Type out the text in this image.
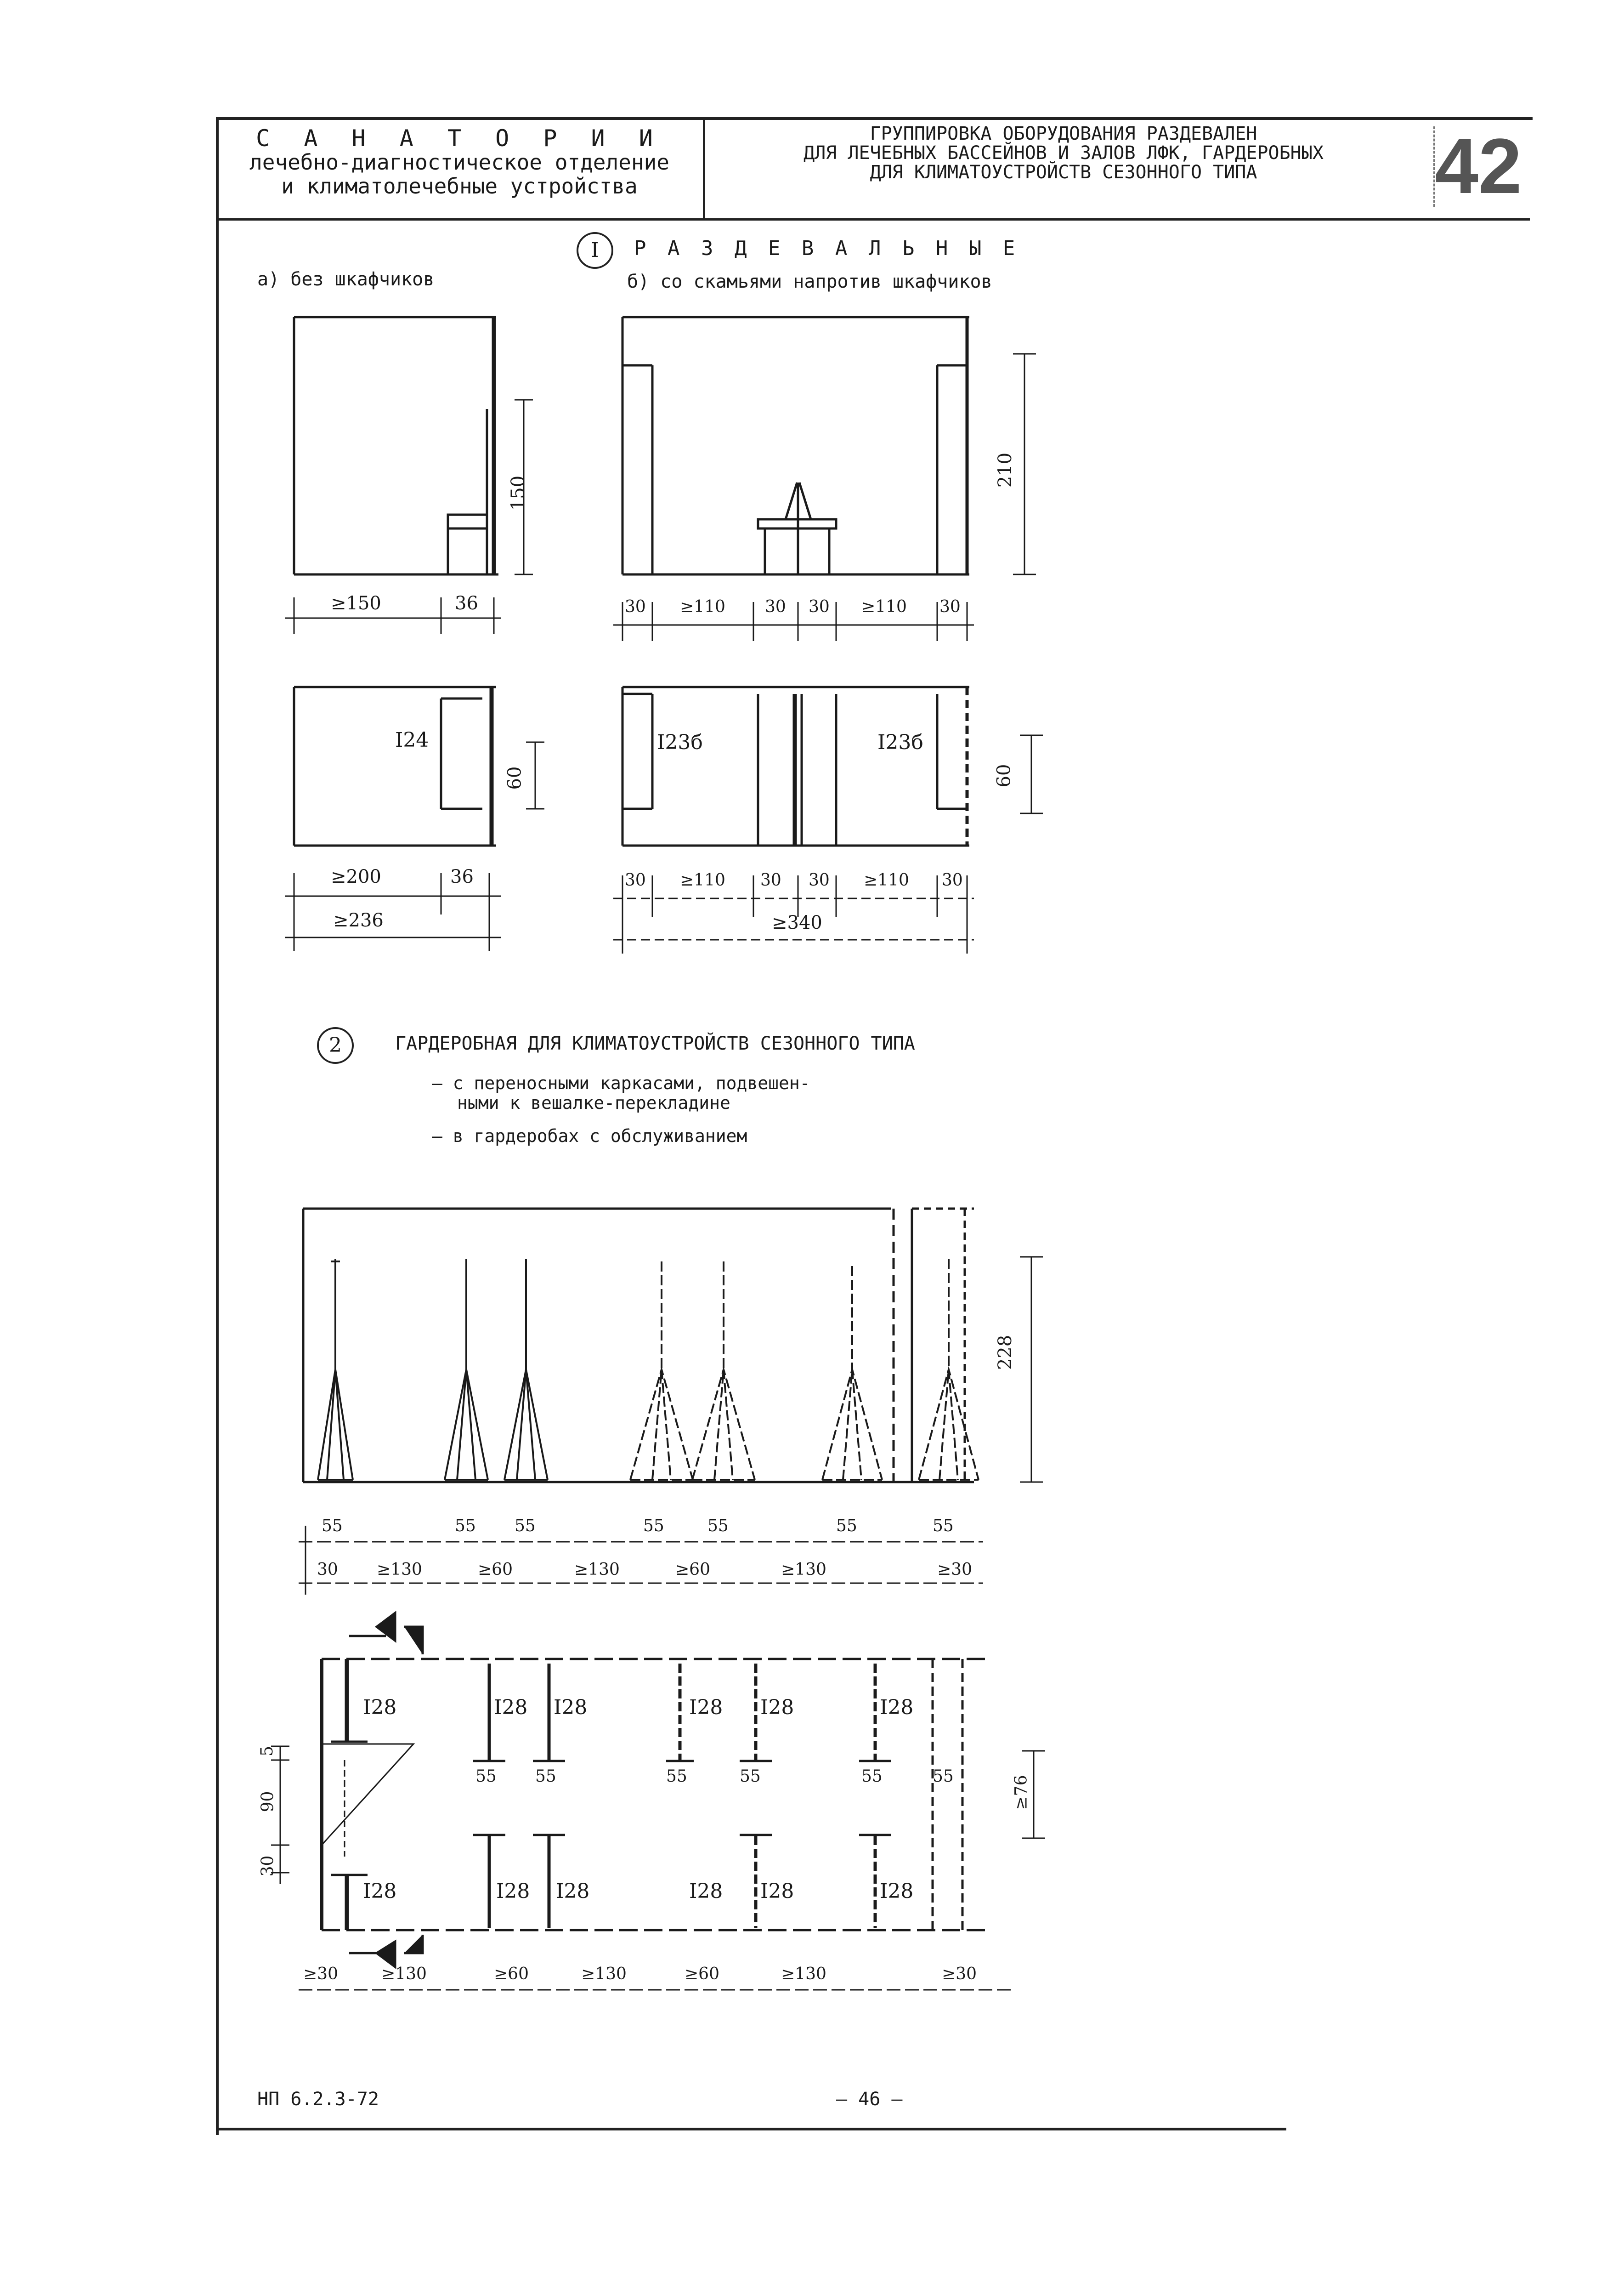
С А Н А Т О Р И И
лечебно-диагностическое отделение
и климатолечебные устройства
ГРУППИРОВКА ОБОРУДОВАНИЯ РАЗДЕВАЛЕН
ДЛЯ ЛЕЧЕБНЫХ БАССЕЙНОВ И ЗАЛОВ ЛФК, ГАРДЕРОБНЫХ
ДЛЯ КЛИМАТОУСТРОЙСТВ СЕЗОННОГО ТИПА	42
I	Р А З Д Е В А Л Ь Н Ы Е
а) без шкафчиков	б) со скамьями напротив шкафчиков
2	ГАРДЕРОБНАЯ ДЛЯ КЛИМАТОУСТРОЙСТВ СЕЗОННОГО ТИПА
– с переносными каркасами, подвешен-
ными к вешалке-перекладине
– в гардеробах с обслуживанием
≥150	36
150
I24
60
≥200	36
≥236
210
30 ≥110 30 30 ≥110 30
I23б	I23б
60
30 ≥110 30 30 ≥110 30
≥340
228
55	55 55	55	55	55	55
30 ≥130	≥60	≥130	≥60	≥130	≥30
I28	I28 I28	I28 I28	I28
I28	I28 I28	I28 I28	I28
55 55	55	55	55	55
5
90
30
≥76
≥30	≥130	≥60	≥130	≥60	≥130	≥30
НП 6.2.3-72	– 46 –
